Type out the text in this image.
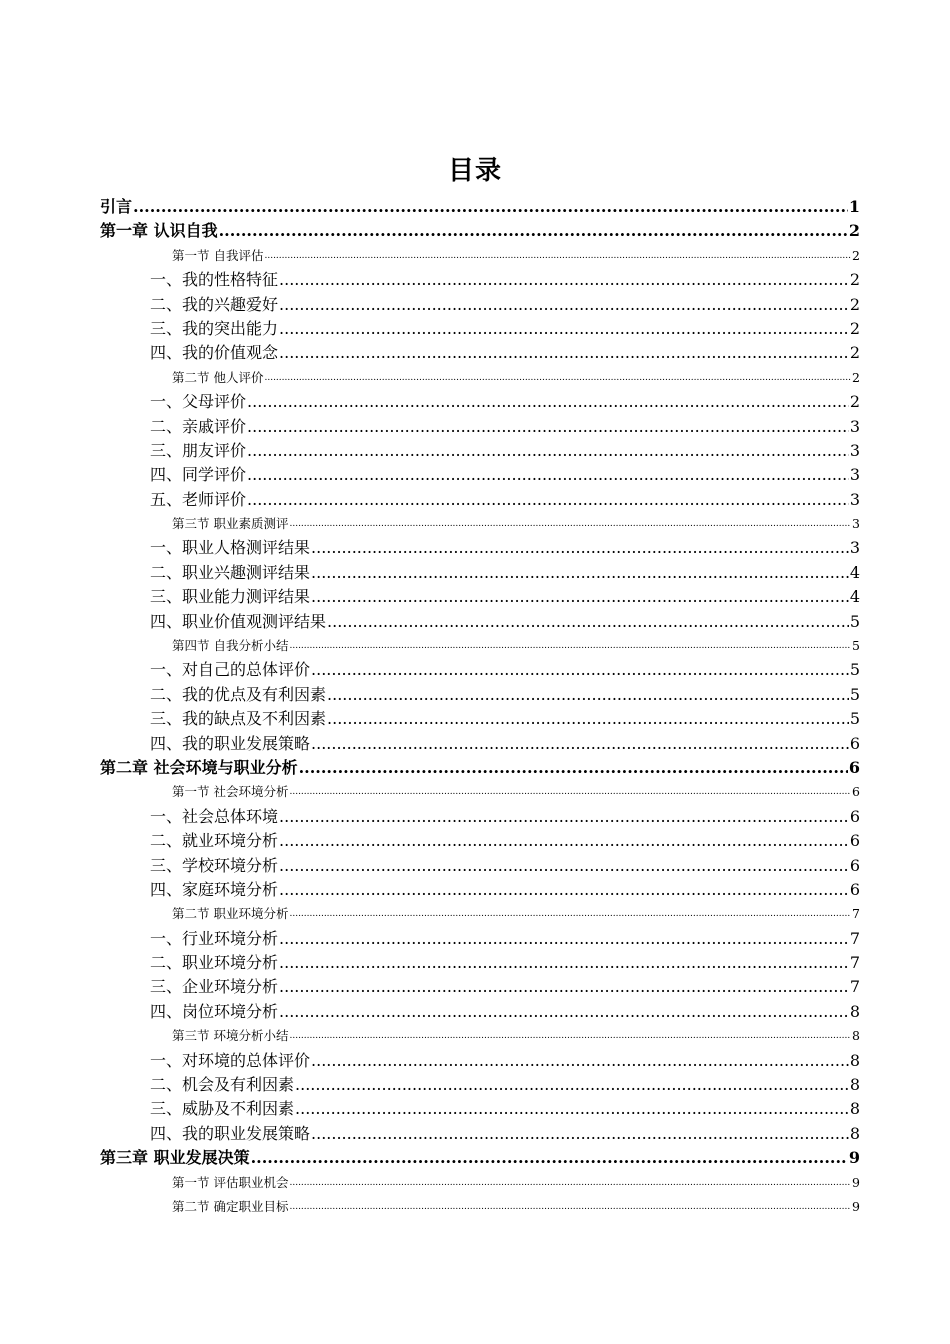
目录
引言 .....	1
第一章 认识自我 .....	2
第一节 自我评估 .....	2
一、我的性格特征 .....	2
二、我的兴趣爱好 .....	2
三、我的突出能力 .....	2
四、我的价值观念 .....	2
第二节 他人评价 .....	2
一、父母评价 .....	2
二、亲戚评价 .....	3
三、朋友评价 .....	3
四、同学评价 .....	3
五、老师评价 .....	3
第三节 职业素质测评 .....	3
一、职业人格测评结果 .....	3
二、职业兴趣测评结果 .....	4
三、职业能力测评结果 .....	4
四、职业价值观测评结果 .....	5
第四节 自我分析小结 .....	5
一、对自己的总体评价 .....	5
二、我的优点及有利因素 .....	5
三、我的缺点及不利因素 .....	5
四、我的职业发展策略 .....	6
第二章 社会环境与职业分析 .....	6
第一节 社会环境分析 .....	6
一、社会总体环境 .....	6
二、就业环境分析 .....	6
三、学校环境分析 .....	6
四、家庭环境分析 .....	6
第二节 职业环境分析 .....	7
一、行业环境分析 .....	7
二、职业环境分析 .....	7
三、企业环境分析 .....	7
四、岗位环境分析 .....	8
第三节 环境分析小结 .....	8
一、对环境的总体评价 .....	8
二、机会及有利因素 .....	8
三、威胁及不利因素 .....	8
四、我的职业发展策略 .....	8
第三章 职业发展决策 .....	9
第一节 评估职业机会 .....	9
第二节 确定职业目标 .....	9
